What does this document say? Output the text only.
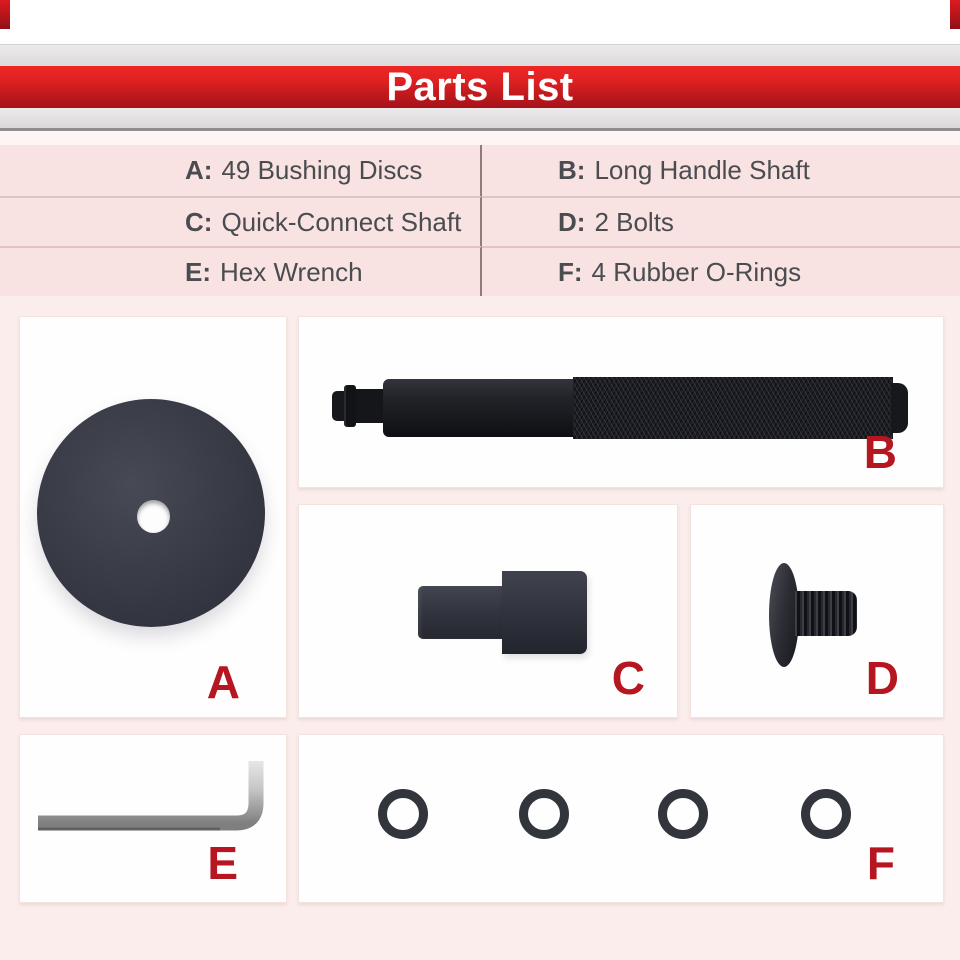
Parts List
A: 49 Bushing Discs	B: Long Handle Shaft
C: Quick-Connect Shaft	D: 2 Bolts
E: Hex Wrench	F: 4 Rubber O-Rings
A
B
C	D
E	F
